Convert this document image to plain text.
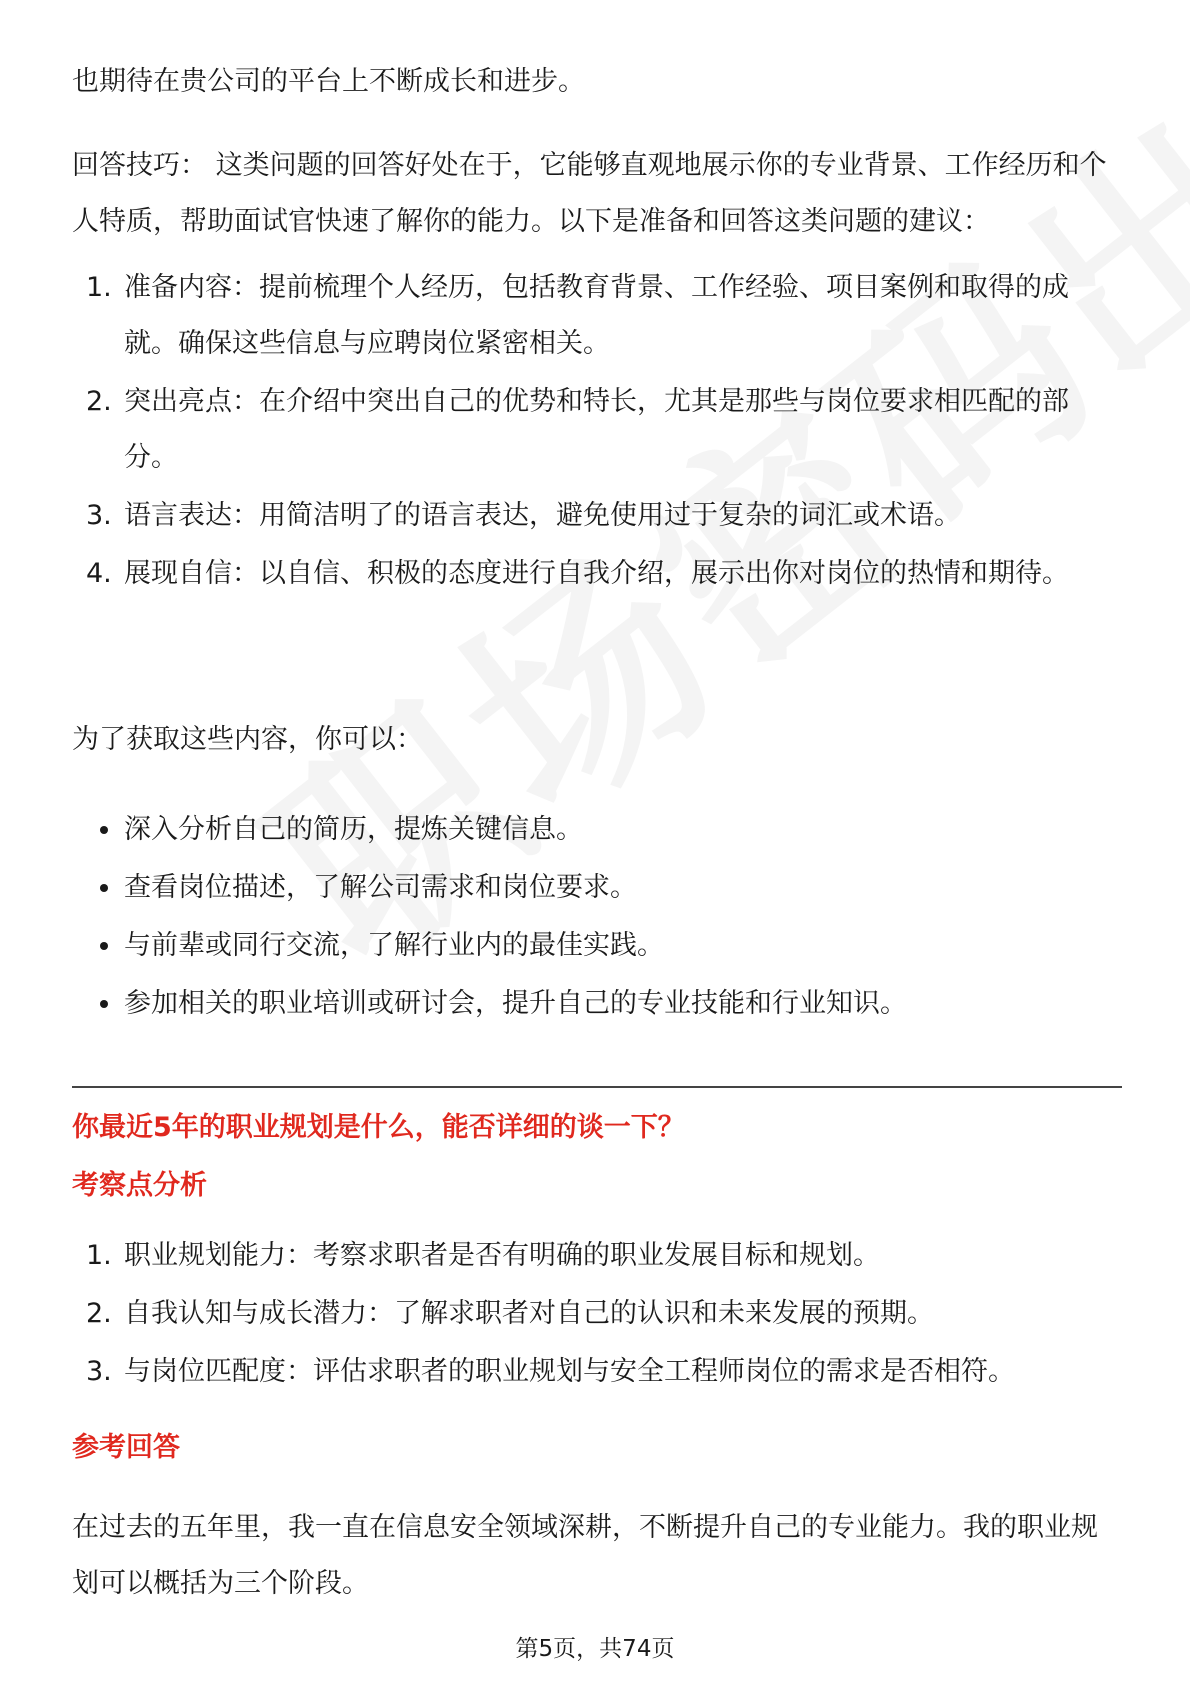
也期待在贵公司的平台上不断成长和进步。

回答技巧： 这类问题的回答好处在于，它能够直观地展示你的专业背景、工作经历和个人特质，帮助面试官快速了解你的能力。以下是准备和回答这类问题的建议：

1. 准备内容：提前梳理个人经历，包括教育背景、工作经验、项目案例和取得的成就。确保这些信息与应聘岗位紧密相关。
2. 突出亮点：在介绍中突出自己的优势和特长，尤其是那些与岗位要求相匹配的部分。
3. 语言表达：用简洁明了的语言表达，避免使用过于复杂的词汇或术语。
4. 展现自信：以自信、积极的态度进行自我介绍，展示出你对岗位的热情和期待。

为了获取这些内容，你可以：

深入分析自己的简历，提炼关键信息。
查看岗位描述，了解公司需求和岗位要求。
与前辈或同行交流，了解行业内的最佳实践。
参加相关的职业培训或研讨会，提升自己的专业技能和行业知识。

你最近5年的职业规划是什么，能否详细的谈一下？

考察点分析

1. 职业规划能力：考察求职者是否有明确的职业发展目标和规划。
2. 自我认知与成长潜力：了解求职者对自己的认识和未来发展的预期。
3. 与岗位匹配度：评估求职者的职业规划与安全工程师岗位的需求是否相符。

参考回答

在过去的五年里，我一直在信息安全领域深耕，不断提升自己的专业能力。我的职业规划可以概括为三个阶段。

第5页，共74页
